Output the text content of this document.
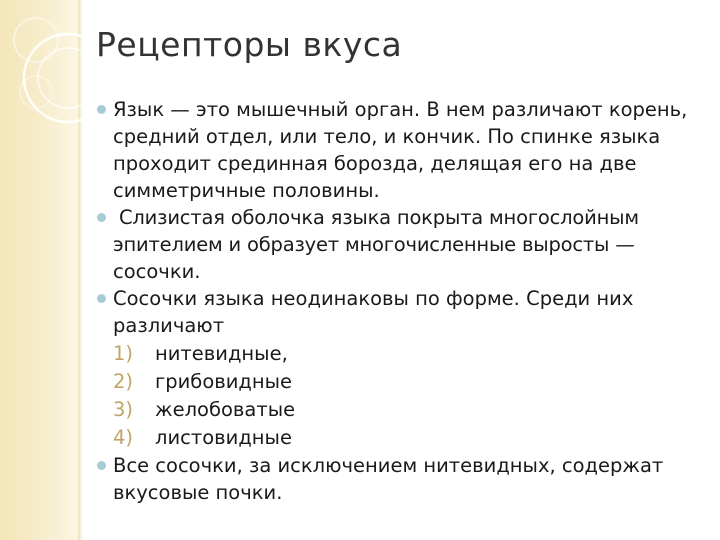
Рецепторы вкуса
Язык — это мышечный орган. В нем различают корень, средний отдел, или тело, и кончик. По спинке языка проходит срединная борозда, делящая его на две симметричные половины.
Слизистая оболочка языка покрыта многослойным
эпителием и образует многочисленные выросты —
сосочки.
Сосочки языка неодинаковы по форме. Среди них различают
1)	нитевидные,
2)	грибовидные
3)	желобоватые
4)	листовидные
Все сосочки, за исключением нитевидных, содержат вкусовые почки.
